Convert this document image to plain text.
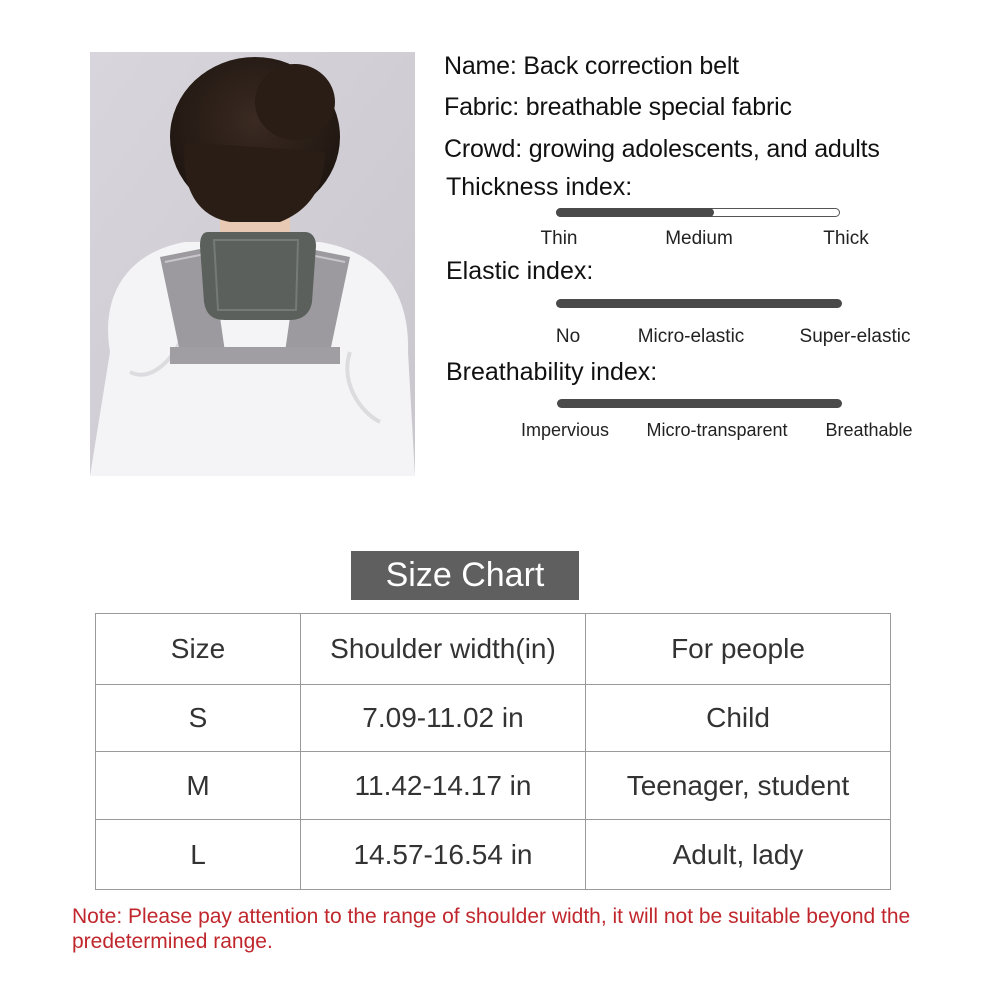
Name: Back correction belt
Fabric: breathable special fabric
Crowd: growing adolescents, and adults
Thickness index:
Thin	Medium	Thick
Elastic index:
No	Micro-elastic	Super-elastic
Breathability index:
Impervious Micro-transparent Breathable
Size Chart
Size	Shoulder width(in)	For people
S	7.09-11.02 in	Child
M	11.42-14.17 in	Teenager, student
L	14.57-16.54 in	Adult, lady
Note: Please pay attention to the range of shoulder width, it will not be suitable beyond the predetermined range.
